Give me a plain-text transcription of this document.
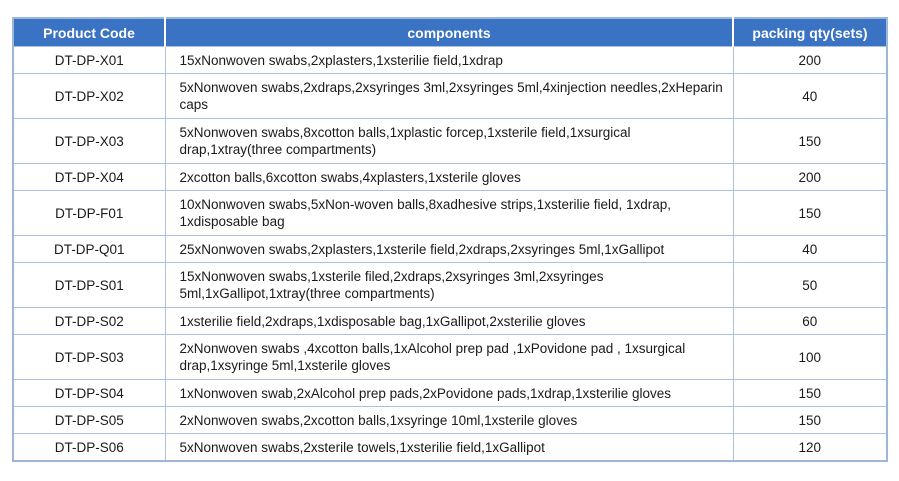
Product Code	components	packing qty(sets)
DT-DP-X01	15xNonwoven swabs,2xplasters,1xsterilie field,1xdrap	200
DT-DP-X02	5xNonwoven swabs,2xdraps,2xsyringes 3ml,2xsyringes 5ml,4xinjection needles,2xHeparin caps	40
DT-DP-X03	5xNonwoven swabs,8xcotton balls,1xplastic forcep,1xsterile field,1xsurgical drap,1xtray(three compartments)	150
DT-DP-X04	2xcotton balls,6xcotton swabs,4xplasters,1xsterile gloves	200
DT-DP-F01	10xNonwoven swabs,5xNon-woven balls,8xadhesive strips,1xsterilie field, 1xdrap, 1xdisposable bag	150
DT-DP-Q01	25xNonwoven swabs,2xplasters,1xsterile field,2xdraps,2xsyringes 5ml,1xGallipot	40
DT-DP-S01	15xNonwoven swabs,1xsterile filed,2xdraps,2xsyringes 3ml,2xsyringes 5ml,1xGallipot,1xtray(three compartments)	50
DT-DP-S02	1xsterilie field,2xdraps,1xdisposable bag,1xGallipot,2xsterilie gloves	60
DT-DP-S03	2xNonwoven swabs ,4xcotton balls,1xAlcohol prep pad ,1xPovidone pad , 1xsurgical drap,1xsyringe 5ml,1xsterile gloves	100
DT-DP-S04	1xNonwoven swab,2xAlcohol prep pads,2xPovidone pads,1xdrap,1xsterilie gloves	150
DT-DP-S05	2xNonwoven swabs,2xcotton balls,1xsyringe 10ml,1xsterile gloves	150
DT-DP-S06	5xNonwoven swabs,2xsterile towels,1xsterilie field,1xGallipot	120
